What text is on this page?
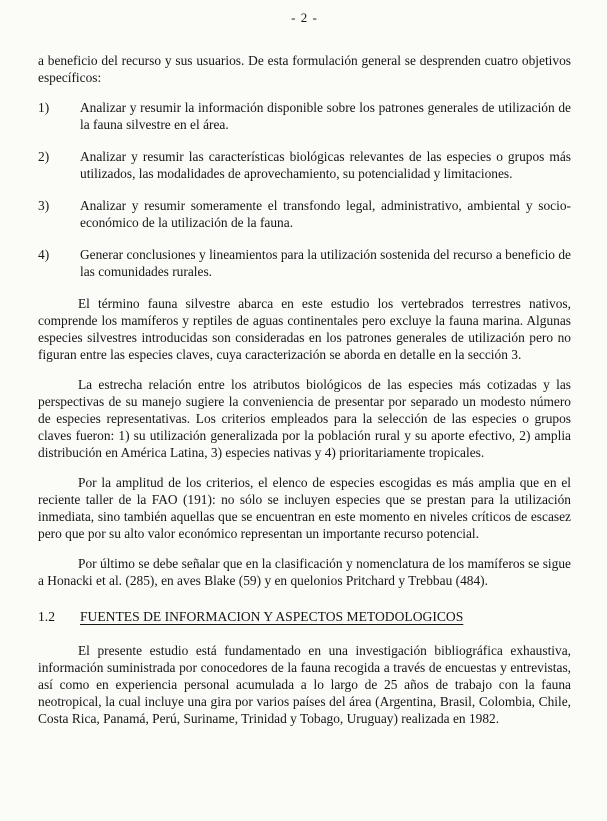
- 2 -

a beneficio del recurso y sus usuarios. De esta formulación general se desprenden cuatro objetivos específicos:

1)	Analizar y resumir la información disponible sobre los patrones generales de utilización de la fauna silvestre en el área.
2)	Analizar y resumir las características biológicas relevantes de las especies o grupos más utilizados, las modalidades de aprovechamiento, su potencialidad y limitaciones.
3)	Analizar y resumir someramente el transfondo legal, administrativo, ambiental y socio-económico de la utilización de la fauna.
4)	Generar conclusiones y lineamientos para la utilización sostenida del recurso a beneficio de las comunidades rurales.

El término fauna silvestre abarca en este estudio los vertebrados terrestres nativos, comprende los mamíferos y reptiles de aguas continentales pero excluye la fauna marina. Algunas especies silvestres introducidas son consideradas en los patrones generales de utilización pero no figuran entre las especies claves, cuya caracterización se aborda en detalle en la sección 3.

La estrecha relación entre los atributos biológicos de las especies más cotizadas y las perspectivas de su manejo sugiere la conveniencia de presentar por separado un modesto número de especies representativas. Los criterios empleados para la selección de las especies o grupos claves fueron: 1) su utilización generalizada por la población rural y su aporte efectivo, 2) amplia distribución en América Latina, 3) especies nativas y 4) prioritariamente tropicales.

Por la amplitud de los criterios, el elenco de especies escogidas es más amplia que en el reciente taller de la FAO (191): no sólo se incluyen especies que se prestan para la utilización inmediata, sino también aquellas que se encuentran en este momento en niveles críticos de escasez pero que por su alto valor económico representan un importante recurso potencial.

Por último se debe señalar que en la clasificación y nomenclatura de los mamíferos se sigue a Honacki et al. (285), en aves Blake (59) y en quelonios Pritchard y Trebbau (484).

1.2	FUENTES DE INFORMACION Y ASPECTOS METODOLOGICOS

El presente estudio está fundamentado en una investigación bibliográfica exhaustiva, información suministrada por conocedores de la fauna recogida a través de encuestas y entrevistas, así como en experiencia personal acumulada a lo largo de 25 años de trabajo con la fauna neotropical, la cual incluye una gira por varios países del área (Argentina, Brasil, Colombia, Chile, Costa Rica, Panamá, Perú, Suriname, Trinidad y Tobago, Uruguay) realizada en 1982.
